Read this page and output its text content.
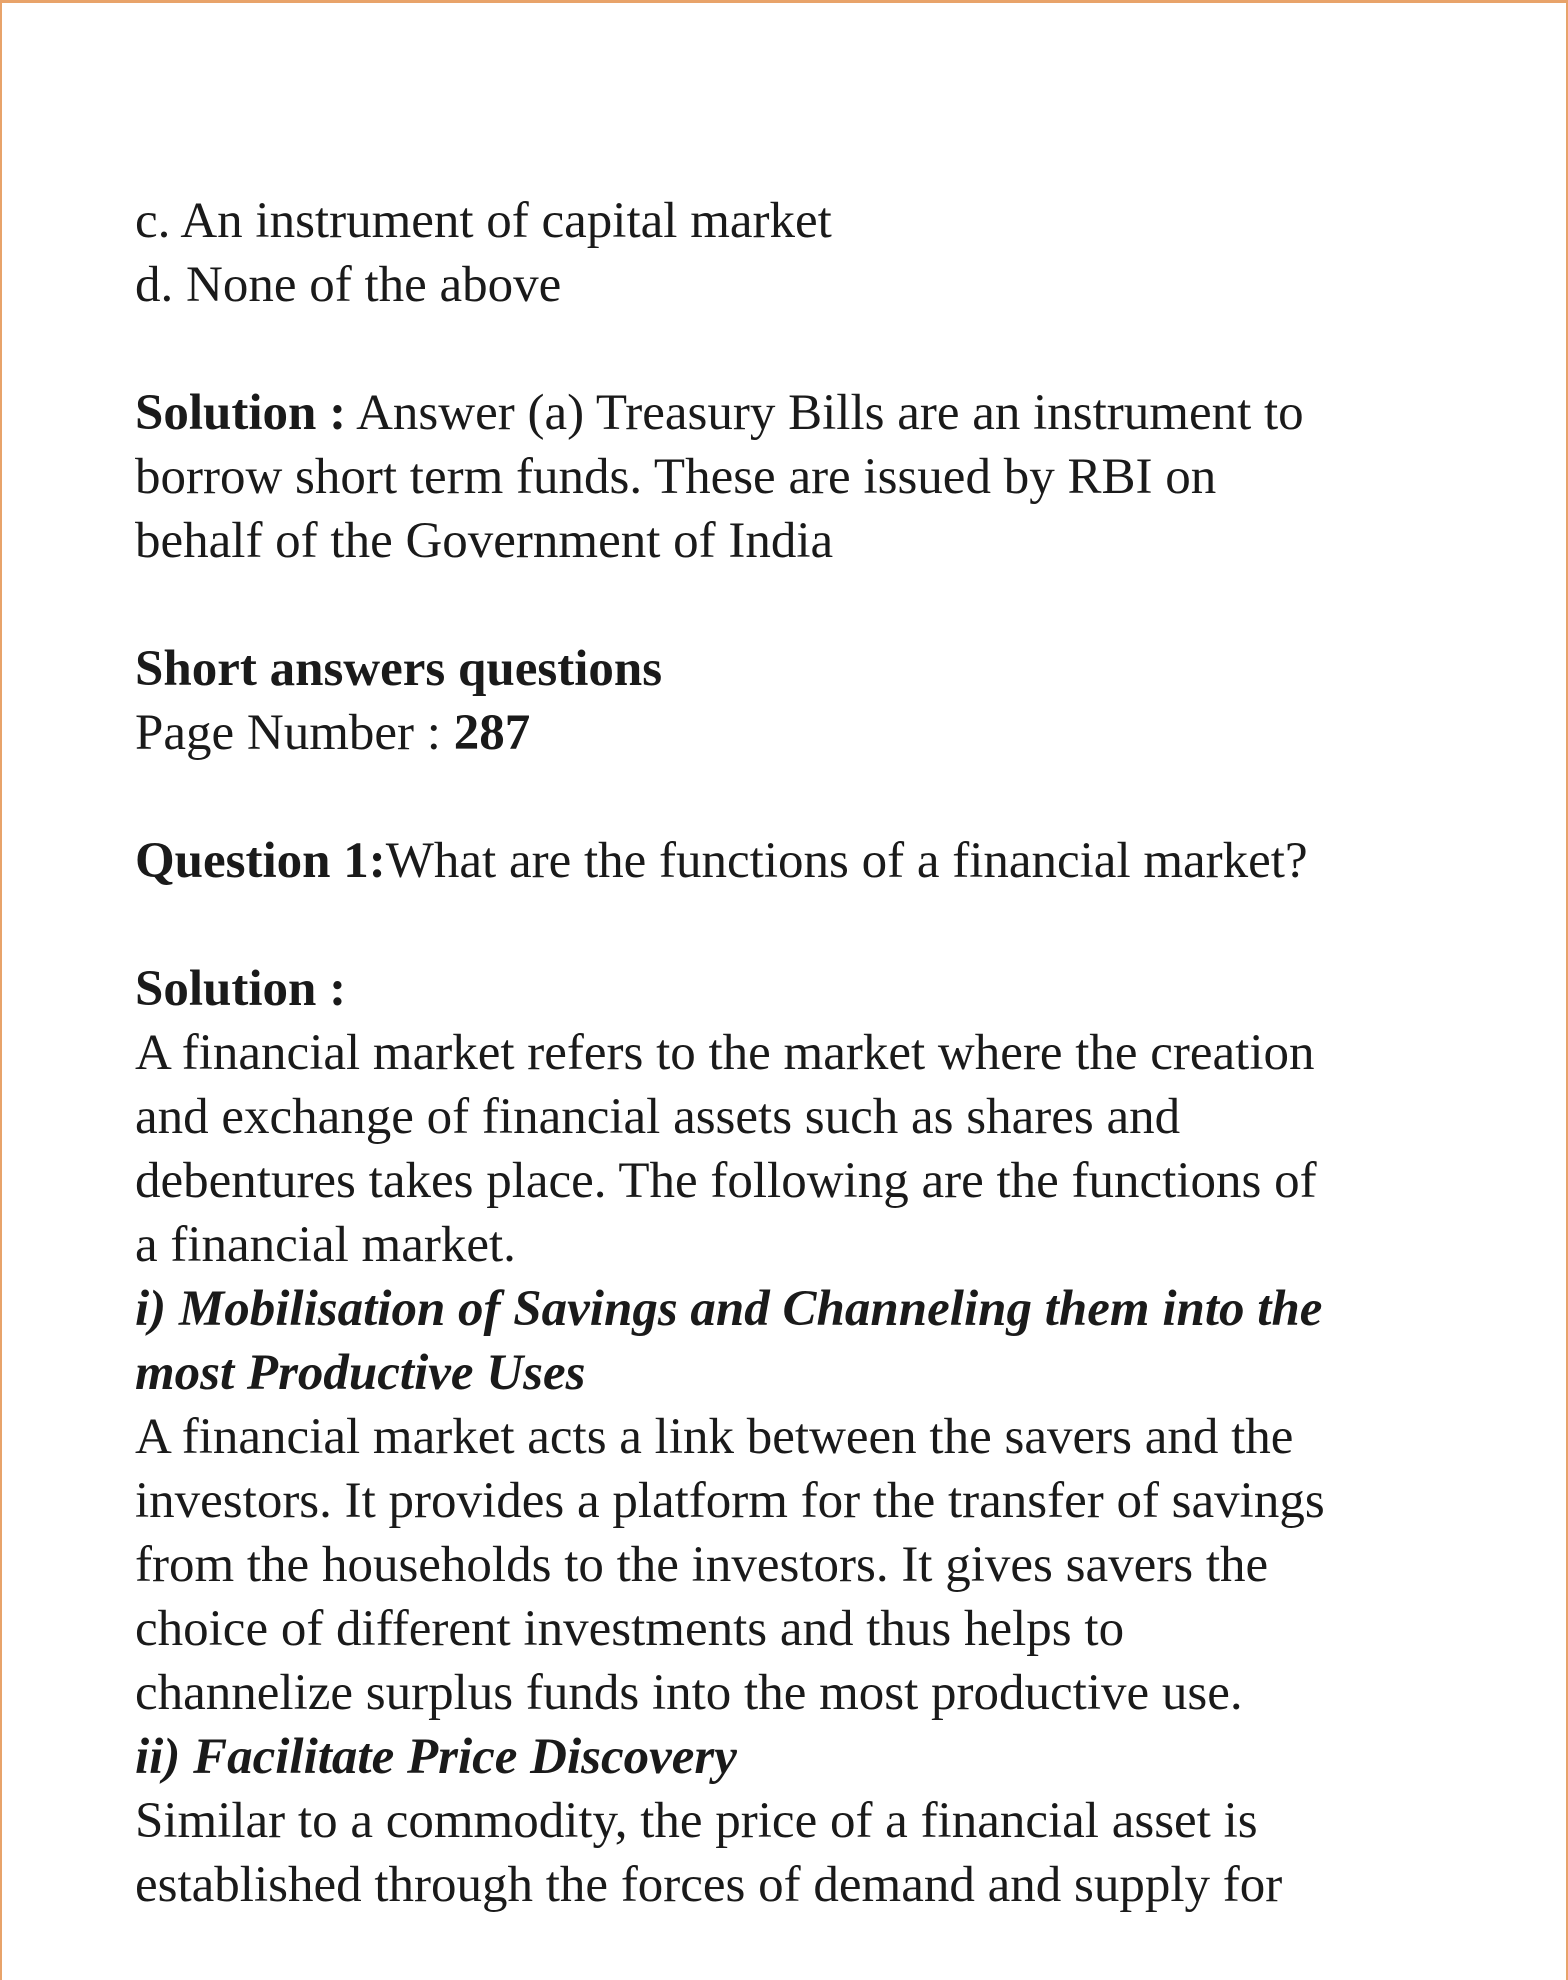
c. An instrument of capital market
d. None of the above
Solution : Answer (a) Treasury Bills are an instrument to
borrow short term funds. These are issued by RBI on
behalf of the Government of India
Short answers questions
Page Number : 287
Question 1:What are the functions of a financial market?
Solution :
A financial market refers to the market where the creation
and exchange of financial assets such as shares and
debentures takes place. The following are the functions of
a financial market.
i) Mobilisation of Savings and Channeling them into the
most Productive Uses
A financial market acts a link between the savers and the
investors. It provides a platform for the transfer of savings
from the households to the investors. It gives savers the
choice of different investments and thus helps to
channelize surplus funds into the most productive use.
ii) Facilitate Price Discovery
Similar to a commodity, the price of a financial asset is
established through the forces of demand and supply for
